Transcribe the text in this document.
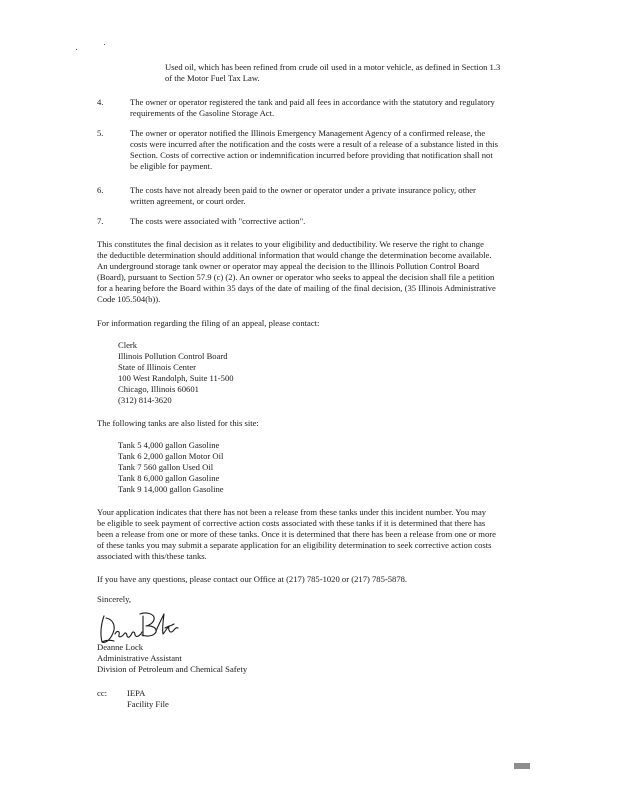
Used oil, which has been refined from crude oil used in a motor vehicle, as defined in Section 1.3
of the Motor Fuel Tax Law.
4.	The owner or operator registered the tank and paid all fees in accordance with the statutory and regulatory
requirements of the Gasoline Storage Act.
5.	The owner or operator notified the Illinois Emergency Management Agency of a confirmed release, the
costs were incurred after the notification and the costs were a result of a release of a substance listed in this
Section. Costs of corrective action or indemnification incurred before providing that notification shall not
be eligible for payment.
6.	The costs have not already been paid to the owner or operator under a private insurance policy, other
written agreement, or court order.
7.	The costs were associated with "corrective action".
This constitutes the final decision as it relates to your eligibility and deductibility. We reserve the right to change
the deductible determination should additional information that would change the determination become available.
An underground storage tank owner or operator may appeal the decision to the Illinois Pollution Control Board
(Board), pursuant to Section 57.9 (c) (2). An owner or operator who seeks to appeal the decision shall file a petition
for a hearing before the Board within 35 days of the date of mailing of the final decision, (35 Illinois Administrative
Code 105.504(b)).
For information regarding the filing of an appeal, please contact:
Clerk
Illinois Pollution Control Board
State of Illinois Center
100 West Randolph, Suite 11-500
Chicago, Illinois 60601
(312) 814-3620
The following tanks are also listed for this site:
Tank 5 4,000 gallon Gasoline
Tank 6 2,000 gallon Motor Oil
Tank 7 560 gallon Used Oil
Tank 8 6,000 gallon Gasoline
Tank 9 14,000 gallon Gasoline
Your application indicates that there has not been a release from these tanks under this incident number. You may
be eligible to seek payment of corrective action costs associated with these tanks if it is determined that there has
been a release from one or more of these tanks. Once it is determined that there has been a release from one or more
of these tanks you may submit a separate application for an eligibility determination to seek corrective action costs
associated with this/these tanks.
If you have any questions, please contact our Office at (217) 785-1020 or (217) 785-5878.
Sincerely,
Deanne Lock
Administrative Assistant
Division of Petroleum and Chemical Safety
cc: IEPA
Facility File
